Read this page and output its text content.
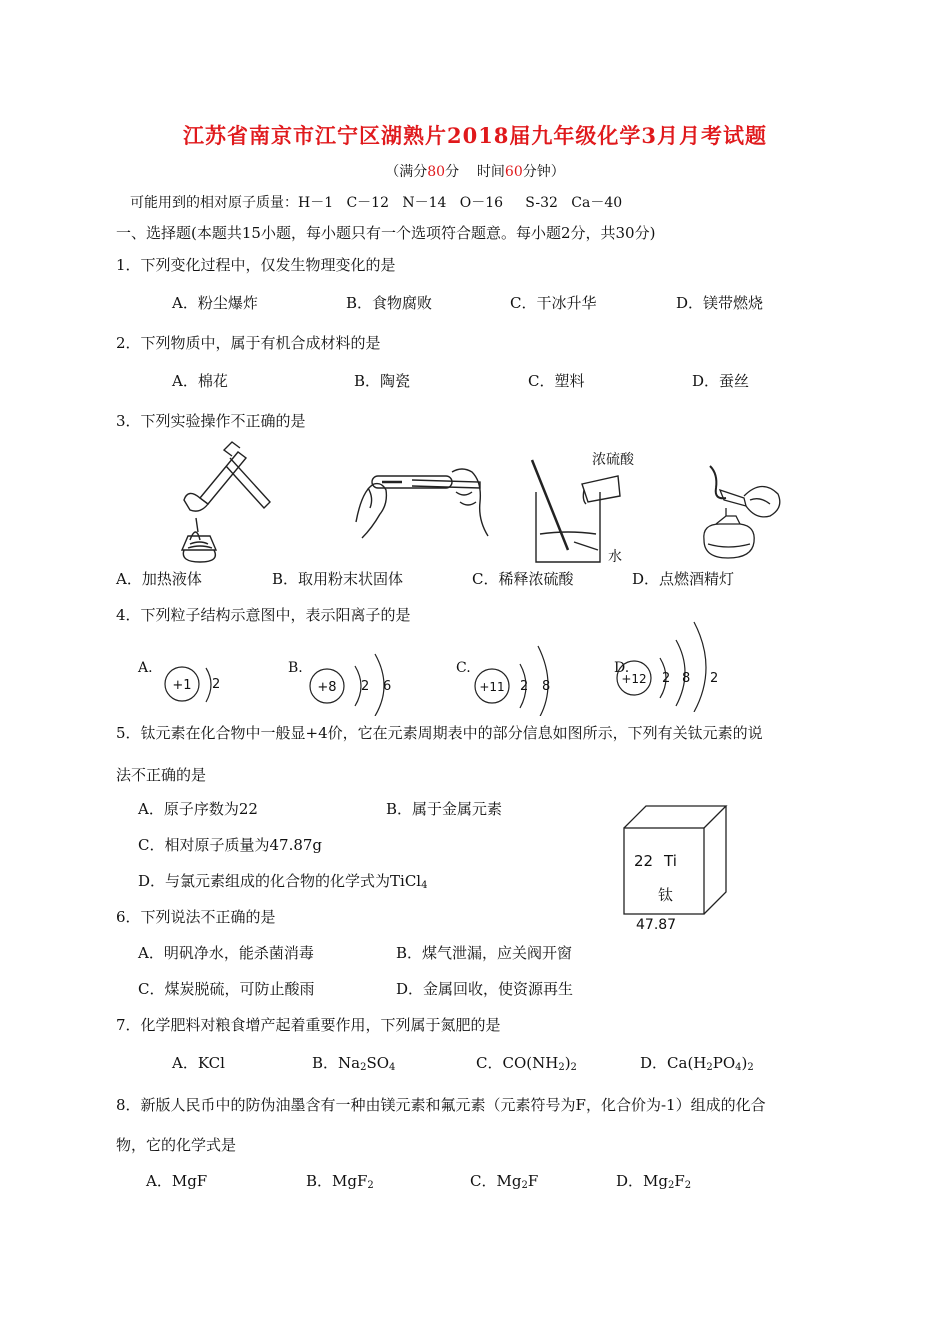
江苏省南京市江宁区湖熟片2018届九年级化学3月月考试题
（满分80分    时间60分钟）
可能用到的相对原子质量：H－1   C－12   N－14   O－16     S-32   Ca－40
一、选择题(本题共15小题，每小题只有一个选项符合题意。每小题2分，共30分)
1．下列变化过程中，仅发生物理变化的是
A．粉尘爆炸	B．食物腐败	C．干冰升华	D．镁带燃烧
2．下列物质中，属于有机合成材料的是
A．棉花	B．陶瓷	C．塑料	D．蚕丝
3．下列实验操作不正确的是
浓硫酸
水
A．加热液体	B．取用粉末状固体	C．稀释浓硫酸	D．点燃酒精灯
4．下列粒子结构示意图中，表示阳离子的是
A.
+1 2
B.
+8 2 6
C.
+11 2 8
D.
+12 2 8 2
5．钛元素在化合物中一般显+4价，它在元素周期表中的部分信息如图所示，下列有关钛元素的说
法不正确的是
A．原子序数为22	B．属于金属元素
C．相对原子质量为47.87g
D．与氯元素组成的化合物的化学式为TiCl$_4$
22 Ti
钛
47.87
6．下列说法不正确的是
A．明矾净水，能杀菌消毒	B．煤气泄漏，应关阀开窗
C．煤炭脱硫，可防止酸雨	D．金属回收，使资源再生
7．化学肥料对粮食增产起着重要作用，下列属于氮肥的是
A．KCl	B．$Na_2SO_4$	C．$CO(NH_2)_2$	D．$Ca(H_2PO_4)_2$
8．新版人民币中的防伪油墨含有一种由镁元素和氟元素（元素符号为F，化合价为-1）组成的化合
物，它的化学式是
A．MgF	B．MgF$_2$	C．$Mg_2F$	D．$Mg_2F_2$
